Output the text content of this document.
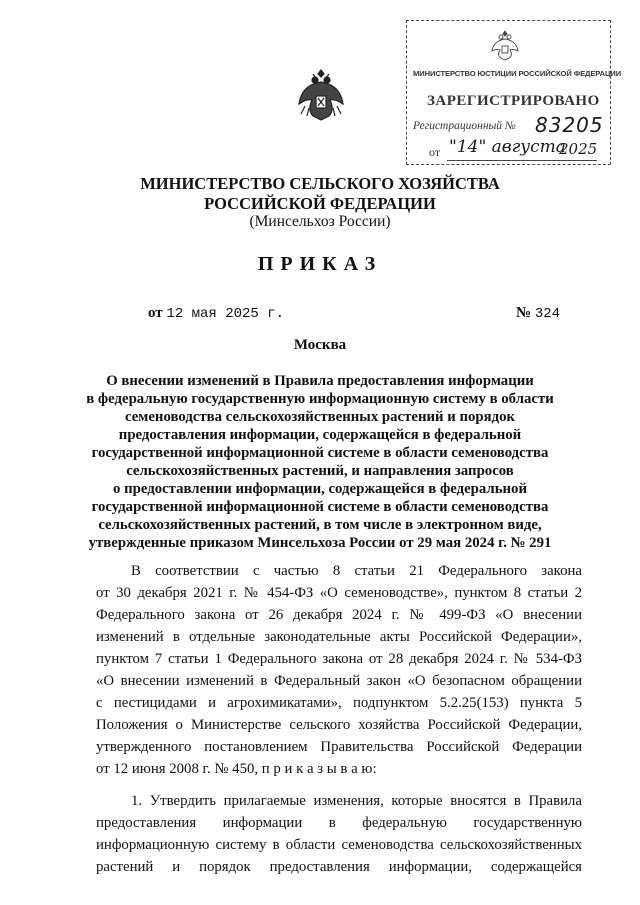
МИНИСТЕРСТВО ЮСТИЦИИ РОССИЙСКОЙ ФЕДЕРАЦИИ
ЗАРЕГИСТРИРОВАНО
Регистрационный № 83205
от "14" августа
2025
МИНИСТЕРСТВО СЕЛЬСКОГО ХОЗЯЙСТВА
РОССИЙСКОЙ ФЕДЕРАЦИИ
(Минсельхоз России)
ПРИКАЗ
от 12 мая 2025 г.	№ 324
Москва
О внесении изменений в Правила предоставления информации
в федеральную государственную информационную систему в области
семеноводства сельскохозяйственных растений и порядок
предоставления информации, содержащейся в федеральной
государственной информационной системе в области семеноводства
сельскохозяйственных растений, и направления запросов
о предоставлении информации, содержащейся в федеральной
государственной информационной системе в области семеноводства
сельскохозяйственных растений, в том числе в электронном виде,
утвержденные приказом Минсельхоза России от 29 мая 2024 г. № 291
В соответствии с частью 8 статьи 21 Федерального закона
от 30 декабря 2021 г. № 454-ФЗ «О семеноводстве», пунктом 8 статьи 2
Федерального закона от 26 декабря 2024 г. № 499-ФЗ «О внесении
изменений в отдельные законодательные акты Российской Федерации»,
пунктом 7 статьи 1 Федерального закона от 28 декабря 2024 г. № 534-ФЗ
«О внесении изменений в Федеральный закон «О безопасном обращении
с пестицидами и агрохимикатами», подпунктом 5.2.25(153) пункта 5
Положения о Министерстве сельского хозяйства Российской Федерации,
утвержденного постановлением Правительства Российской Федерации
от 12 июня 2008 г. № 450, п р и к а з ы в а ю:
1. Утвердить прилагаемые изменения, которые вносятся в Правила
предоставления информации в федеральную государственную
информационную систему в области семеноводства сельскохозяйственных
растений и порядок предоставления информации, содержащейся
